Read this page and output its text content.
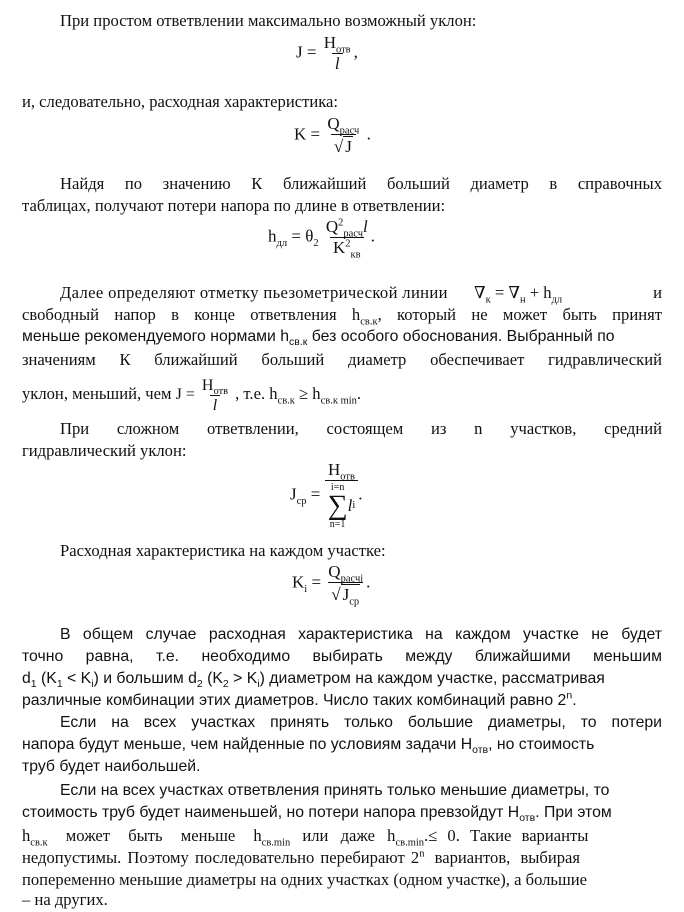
При простом ответвлении максимально возможный уклон:
$J = \frac{H_{отв}}{l}$ ,
и, следовательно, расходная характеристика:
$K = \frac{Q_{расч}}{√ J}$ .
Найдя по значению К ближайший больший диаметр в справочных
таблицах, получают потери напора по длине в ответвлении:
$h_{дл} = \theta_2 \frac{Q^2_{расч}l}{K^2_{кв}}$ .
Далее определяют отметку пьезометрической линии $\nabla_к = \nabla_н + h_{дл}$	и
свободный напор в конце ответвления $h_{св.к}$, который не может быть принят
меньше рекомендуемого нормами $h_{св.к}$ без особого обоснования. Выбранный по
значениям К ближайший больший диаметр обеспечивает гидравлический
уклон, меньший, чем $J = \frac{H_{отв}}{l}$ , т.е. $h_{св.к} \ge h_{св.к min}$.
При сложном ответвлении, состоящем из n участков, средний
гидравлический уклон:
$J_{ср} = H_{отв}$
i=n
∑
n=1
l i .
Расходная характеристика на каждом участке:
$K_i = \frac{Q_{расчi}}{√ J_{ср}}$ .
В общем случае расходная характеристика на каждом участке не будет
точно равна, т.е. необходимо выбирать между ближайшими меньшим
$d_1$ $(K_1 < K_i)$ и большим $d_2$ $(K_2 > K_i)$ диаметром на каждом участке, рассматривая
различные комбинации этих диаметров. Число таких комбинаций равно 2$^n$.
Если на всех участках принять только большие диаметры, то потери
напора будут меньше, чем найденные по условиям задачи $H_{отв}$, но стоимость
труб будет наибольшей.
Если на всех участках ответвления принять только меньшие диаметры, то
стоимость труб будет наименьшей, но потери напора превзойдут $H_{отв}$. При этом
$h_{св.к}$ может быть меньше $h_{св.min}$ или даже $h_{св.min}.\le 0$. Такие варианты
недопустимы. Поэтому последовательно перебирают 2$^n$ вариантов, выбирая
попеременно меньшие диаметры на одних участках (одном участке), а большие
– на других.
